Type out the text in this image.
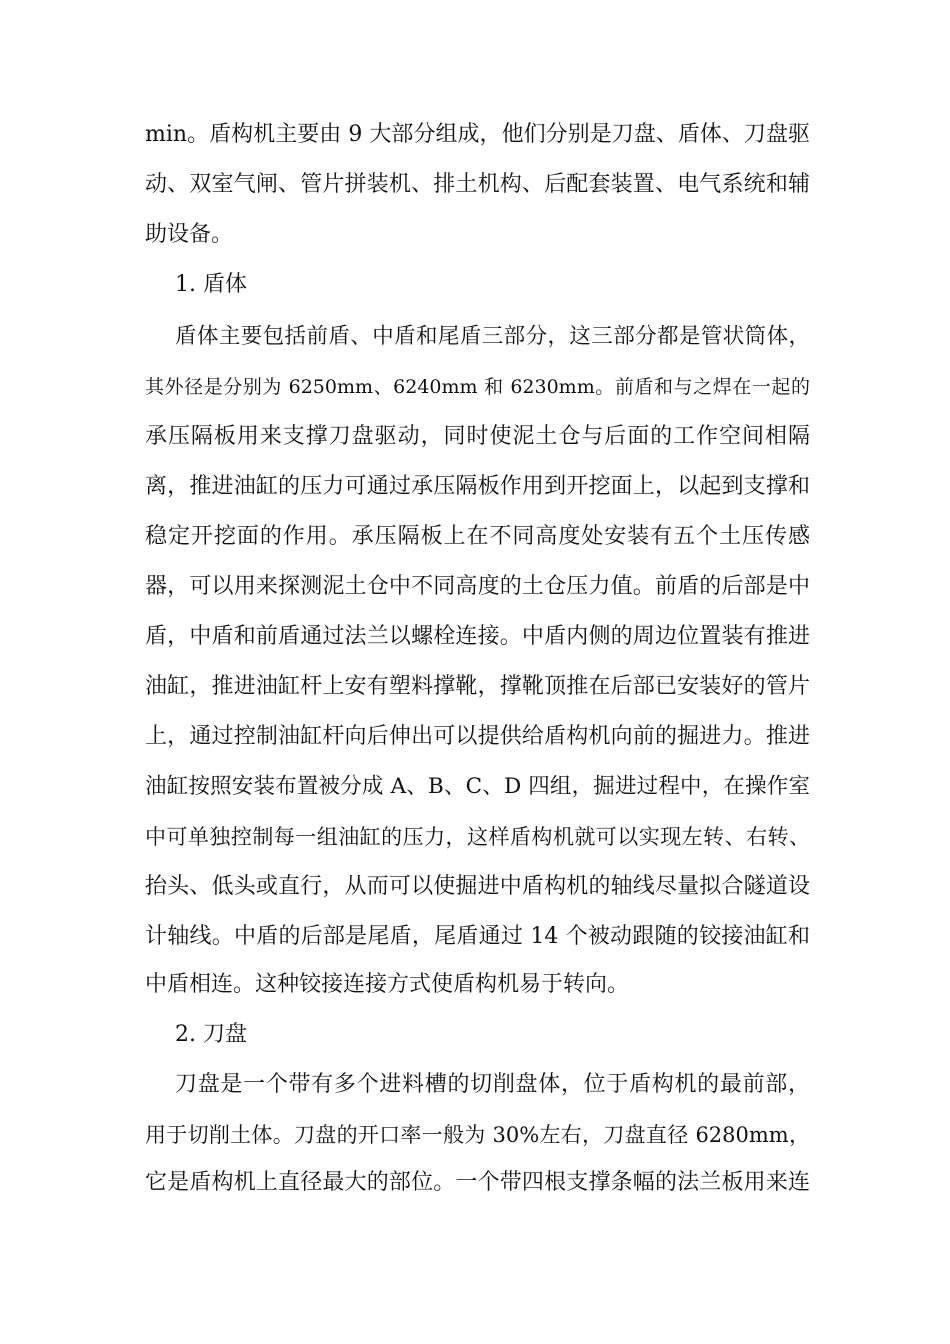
min。盾构机主要由 9 大部分组成，他们分别是刀盘、盾体、刀盘驱
动、双室气闸、管片拼装机、排土机构、后配套装置、电气系统和辅
助设备。
1. 盾体
盾体主要包括前盾、中盾和尾盾三部分，这三部分都是管状筒体，
其外径是分别为 6250mm、6240mm 和 6230mm。前盾和与之焊在一起的
承压隔板用来支撑刀盘驱动，同时使泥土仓与后面的工作空间相隔
离，推进油缸的压力可通过承压隔板作用到开挖面上，以起到支撑和
稳定开挖面的作用。承压隔板上在不同高度处安装有五个土压传感
器，可以用来探测泥土仓中不同高度的土仓压力值。前盾的后部是中
盾，中盾和前盾通过法兰以螺栓连接。中盾内侧的周边位置装有推进
油缸，推进油缸杆上安有塑料撑靴，撑靴顶推在后部已安装好的管片
上，通过控制油缸杆向后伸出可以提供给盾构机向前的掘进力。推进
油缸按照安装布置被分成 A、B、C、D 四组，掘进过程中，在操作室
中可单独控制每一组油缸的压力，这样盾构机就可以实现左转、右转、
抬头、低头或直行，从而可以使掘进中盾构机的轴线尽量拟合隧道设
计轴线。中盾的后部是尾盾，尾盾通过 14 个被动跟随的铰接油缸和
中盾相连。这种铰接连接方式使盾构机易于转向。
2. 刀盘
刀盘是一个带有多个进料槽的切削盘体，位于盾构机的最前部，
用于切削土体。刀盘的开口率一般为 30%左右，刀盘直径 6280mm，
它是盾构机上直径最大的部位。一个带四根支撑条幅的法兰板用来连
